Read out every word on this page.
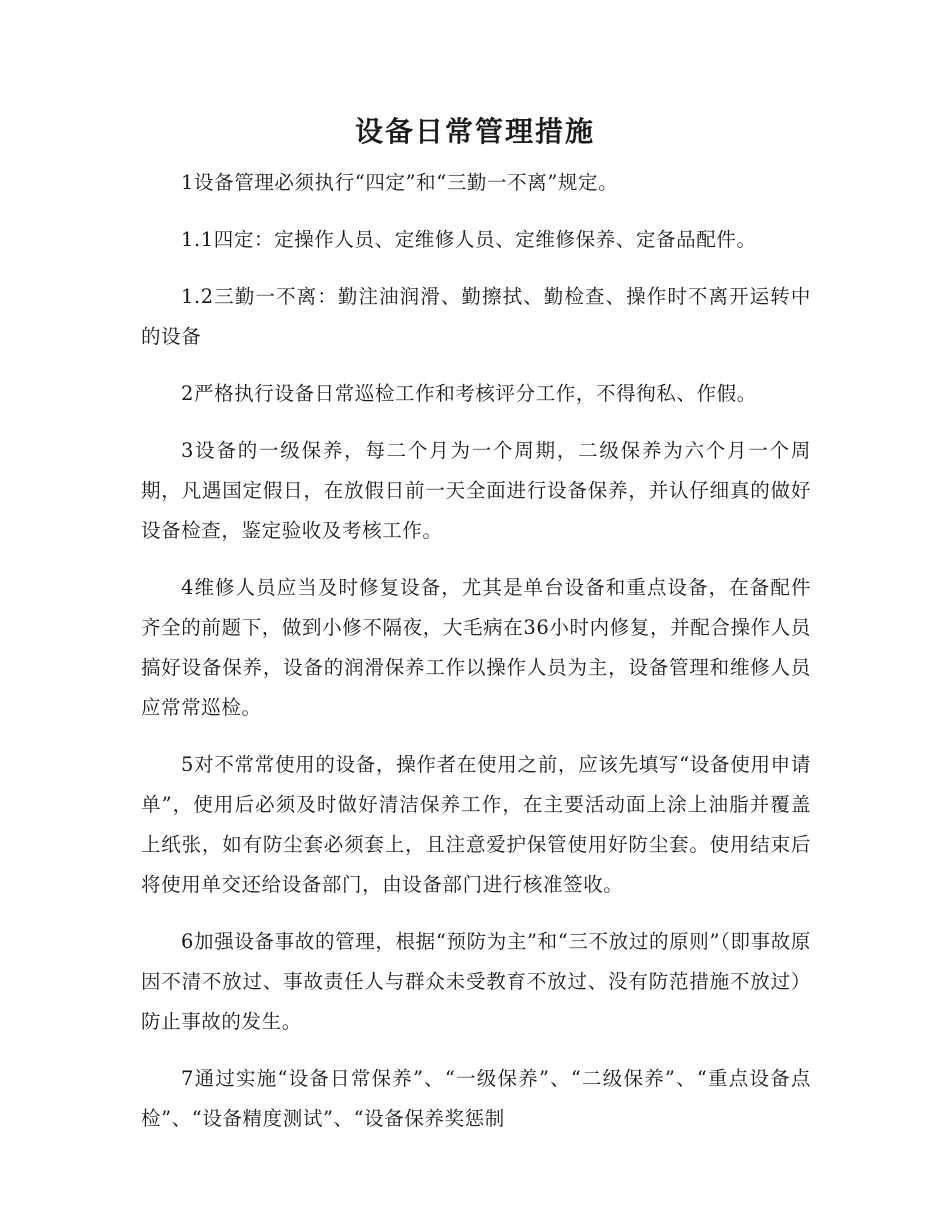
设备日常管理措施

1设备管理必须执行“四定”和“三勤一不离”规定。

1.1四定：定操作人员、定维修人员、定维修保养、定备品配件。

1.2三勤一不离：勤注油润滑、勤擦拭、勤检查、操作时不离开运转中的设备

2严格执行设备日常巡检工作和考核评分工作，不得徇私、作假。

3设备的一级保养，每二个月为一个周期，二级保养为六个月一个周期，凡遇国定假日，在放假日前一天全面进行设备保养，并认仔细真的做好设备检查，鉴定验收及考核工作。

4维修人员应当及时修复设备，尤其是单台设备和重点设备，在备配件齐全的前题下，做到小修不隔夜，大毛病在36小时内修复，并配合操作人员搞好设备保养，设备的润滑保养工作以操作人员为主，设备管理和维修人员应常常巡检。

5对不常常使用的设备，操作者在使用之前，应该先填写“设备使用申请单”，使用后必须及时做好清洁保养工作，在主要活动面上涂上油脂并覆盖上纸张，如有防尘套必须套上，且注意爱护保管使用好防尘套。使用结束后将使用单交还给设备部门，由设备部门进行核准签收。

6加强设备事故的管理，根据“预防为主”和“三不放过的原则”（即事故原因不清不放过、事故责任人与群众未受教育不放过、没有防范措施不放过）防止事故的发生。

7通过实施“设备日常保养”、“一级保养”、“二级保养”、“重点设备点检”、“设备精度测试”、“设备保养奖惩制
